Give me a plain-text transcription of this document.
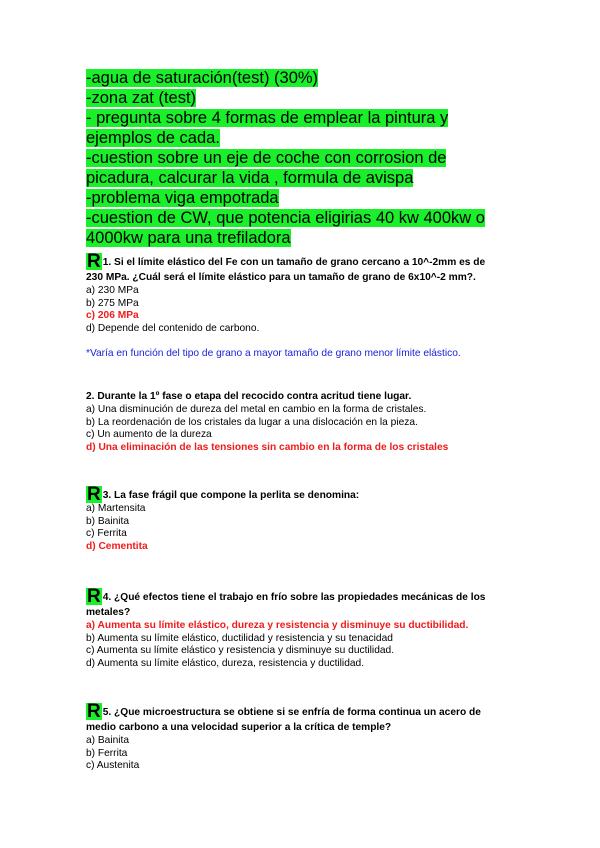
-agua de saturación(test) (30%)

-zona zat (test)

- pregunta sobre 4 formas de emplear la pintura y

ejemplos de cada.

-cuestion sobre un eje de coche con corrosion de

picadura, calcurar la vida , formula de avispa

-problema viga empotrada

-cuestion de CW, que potencia eligirias 40 kw 400kw o

4000kw para una trefiladora

R 1. Si el límite elástico del Fe con un tamaño de grano cercano a 10^-2mm es de

230 MPa. ¿Cuál será el límite elástico para un tamaño de grano de 6x10^-2 mm?.

a) 230 MPa

b) 275 MPa

c) 206 MPa

d) Depende del contenido de carbono.

*Varía en función del tipo de grano a mayor tamaño de grano menor límite elástico.

2. Durante la 1º fase o etapa del recocido contra acritud tiene lugar.

a) Una disminución de dureza del metal en cambio en la forma de cristales.

b) La reordenación de los cristales da lugar a una dislocación en la pieza.

c) Un aumento de la dureza

d) Una eliminación de las tensiones sin cambio en la forma de los cristales

R 3. La fase frágil que compone la perlita se denomina:

a) Martensita

b) Bainita

c) Ferrita

d) Cementita

R 4. ¿Qué efectos tiene el trabajo en frío sobre las propiedades mecánicas de los

metales?

a) Aumenta su límite elástico, dureza y resistencia y disminuye su ductibilidad.

b) Aumenta su límite elástico, ductilidad y resistencia y su tenacidad

c) Aumenta su límite elástico y resistencia y disminuye su ductilidad.

d) Aumenta su límite elástico, dureza, resistencia y ductilidad.

R 5. ¿Que microestructura se obtiene si se enfría de forma continua un acero de

medio carbono a una velocidad superior a la crítica de temple?

a) Bainita

b) Ferrita

c) Austenita
